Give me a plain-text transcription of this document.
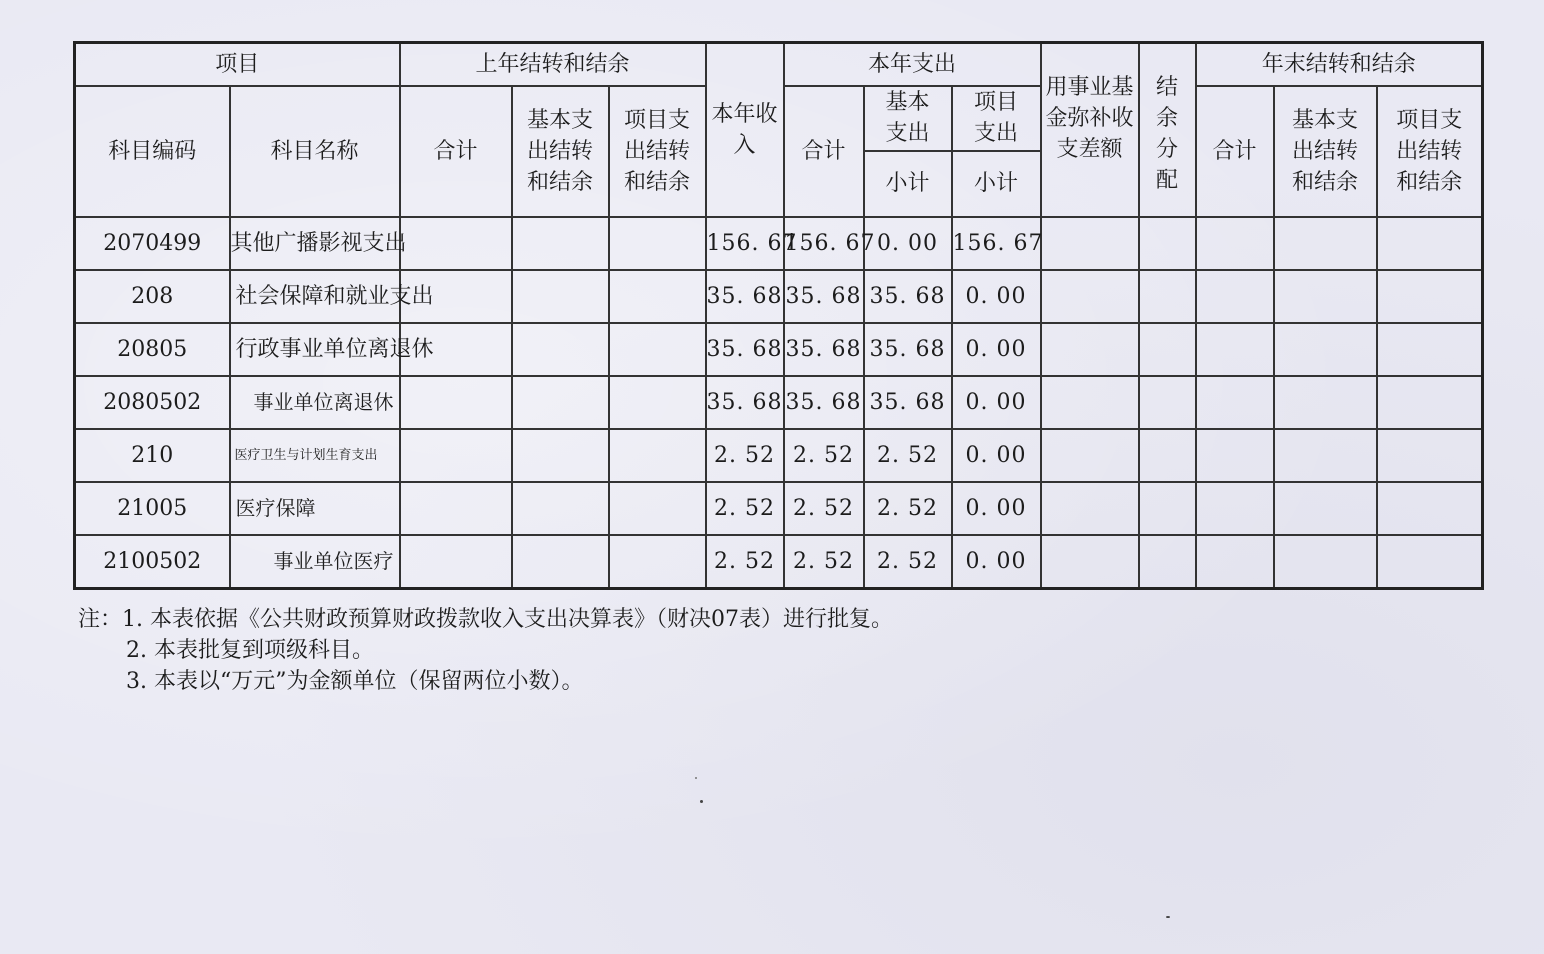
项目		上年结转和结余			本年收入	本年支出			用事业基金弥补收支差额	结余分配	年末结转和结余		
科目编码	科目名称	合计	基本支出结转和结余	项目支出结转和结余		合计	基本支出	项目支出			合计	基本支出结转和结余	项目支出结转和结余
							小计	小计					
2070499	其他广播影视支出				156. 67	156. 67	0. 00	156. 67					
208	社会保障和就业支出				35. 68	35. 68	35. 68	0. 00					
20805	行政事业单位离退休				35. 68	35. 68	35. 68	0. 00					
2080502	事业单位离退休				35. 68	35. 68	35. 68	0. 00					
210	医疗卫生与计划生育支出				2. 52	2. 52	2. 52	0. 00					
21005	医疗保障				2. 52	2. 52	2. 52	0. 00					
2100502	事业单位医疗				2. 52	2. 52	2. 52	0. 00					
注：1. 本表依据《公共财政预算财政拨款收入支出决算表》（财决07表）进行批复。
2. 本表批复到项级科目。
3. 本表以“万元”为金额单位（保留两位小数）。
